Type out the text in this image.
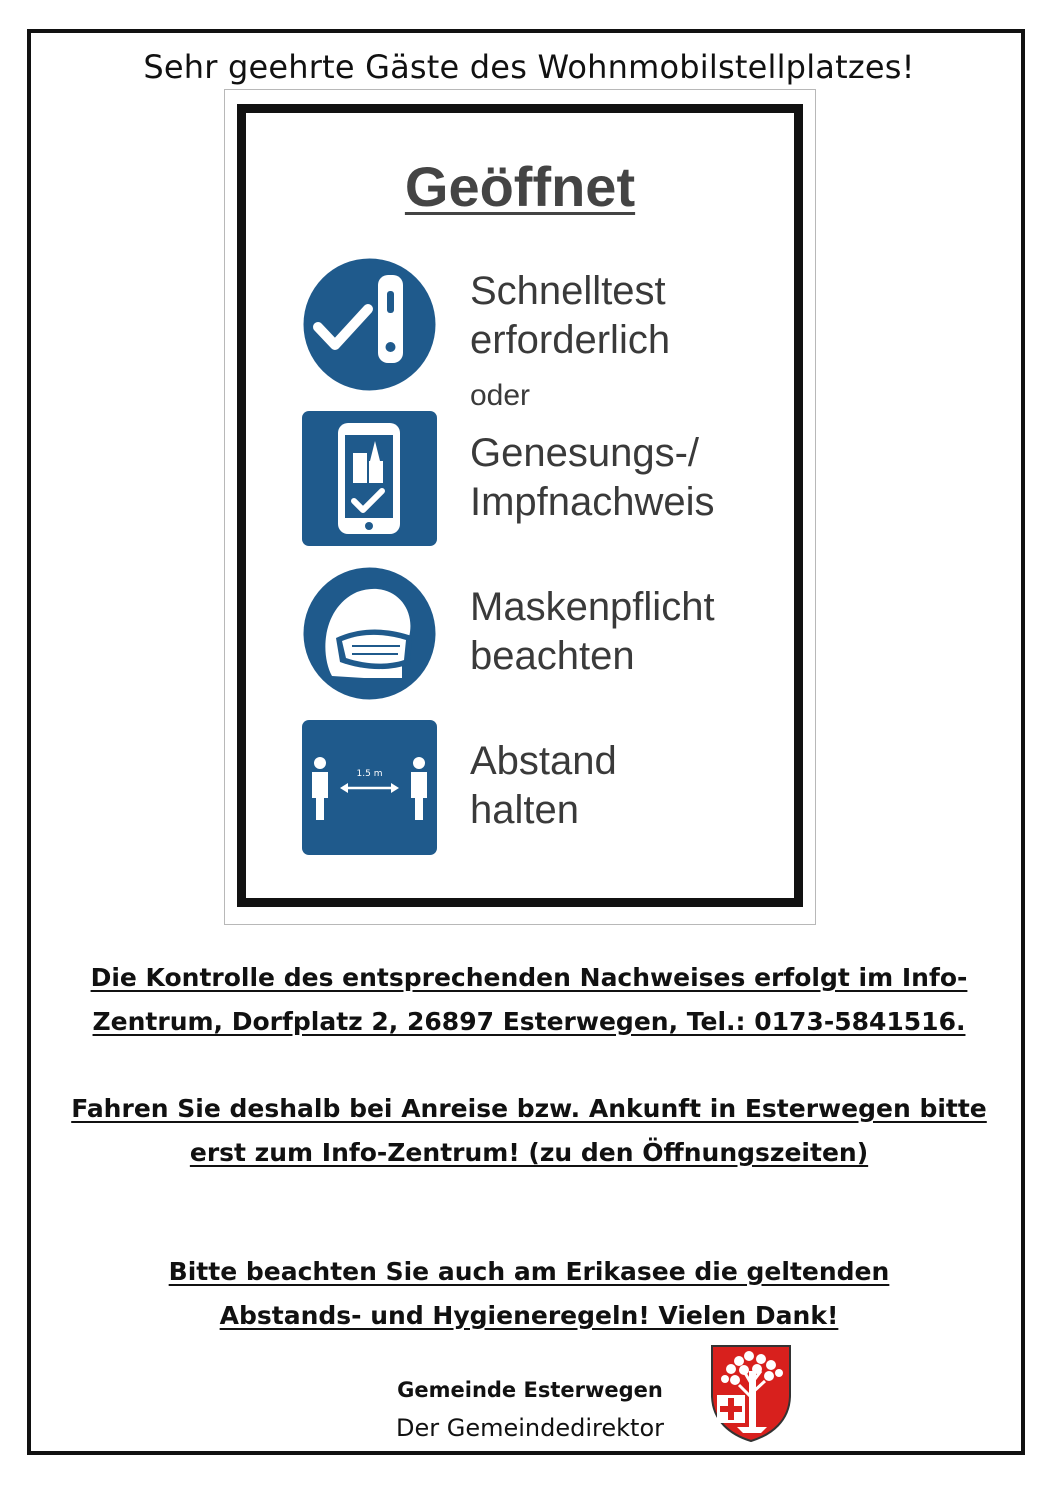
Sehr geehrte Gäste des Wohnmobilstellplatzes!
Geöffnet
Schnelltest
erforderlich
oder
Genesungs-/
Impfnachweis
Maskenpflicht
beachten
1.5 m Abstand
halten
Die Kontrolle des entsprechenden Nachweises erfolgt im Info-
Zentrum, Dorfplatz 2, 26897 Esterwegen, Tel.: 0173-5841516.
Fahren Sie deshalb bei Anreise bzw. Ankunft in Esterwegen bitte
erst zum Info-Zentrum! (zu den Öffnungszeiten)
Bitte beachten Sie auch am Erikasee die geltenden
Abstands- und Hygieneregeln! Vielen Dank!
Gemeinde Esterwegen
Der Gemeindedirektor
